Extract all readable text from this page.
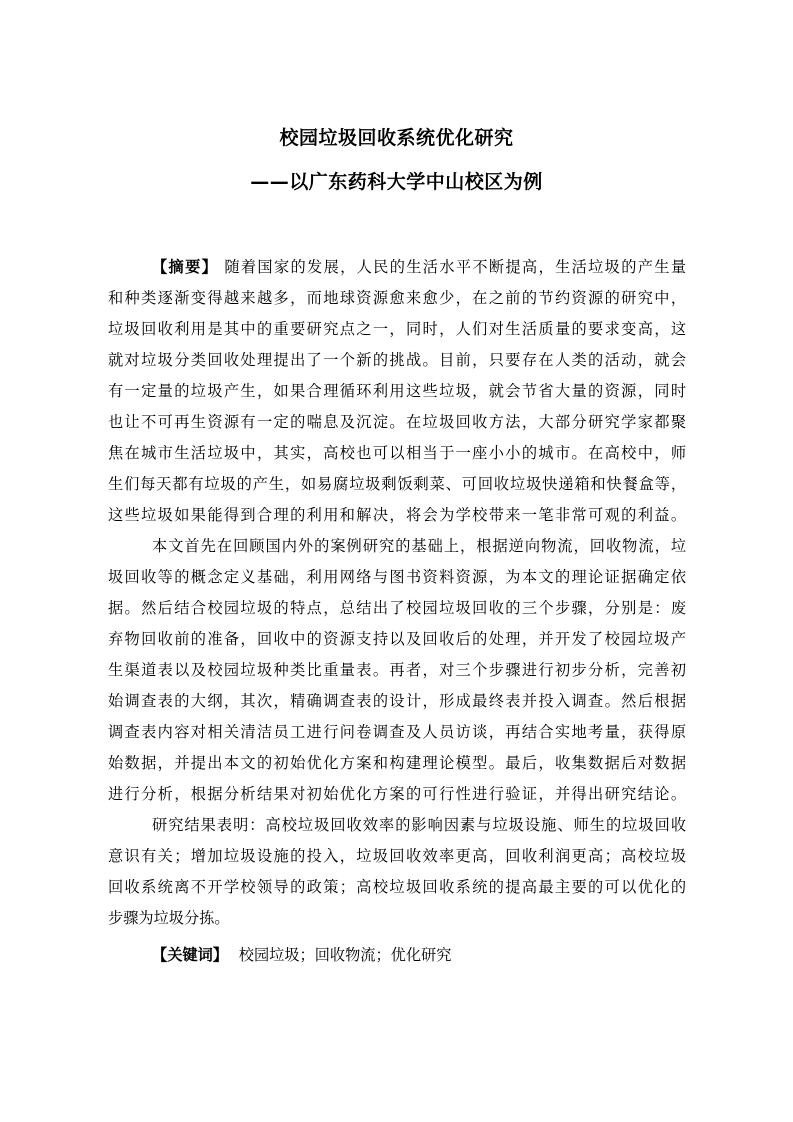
校园垃圾回收系统优化研究
——以广东药科大学中山校区为例
【摘要】 随着国家的发展，人民的生活水平不断提高，生活垃圾的产生量
和种类逐渐变得越来越多，而地球资源愈来愈少，在之前的节约资源的研究中，
垃圾回收利用是其中的重要研究点之一，同时，人们对生活质量的要求变高，这
就对垃圾分类回收处理提出了一个新的挑战。目前，只要存在人类的活动，就会
有一定量的垃圾产生，如果合理循环利用这些垃圾，就会节省大量的资源，同时
也让不可再生资源有一定的喘息及沉淀。在垃圾回收方法，大部分研究学家都聚
焦在城市生活垃圾中，其实，高校也可以相当于一座小小的城市。在高校中，师
生们每天都有垃圾的产生，如易腐垃圾剩饭剩菜、可回收垃圾快递箱和快餐盒等，
这些垃圾如果能得到合理的利用和解决，将会为学校带来一笔非常可观的利益。
本文首先在回顾国内外的案例研究的基础上，根据逆向物流，回收物流，垃
圾回收等的概念定义基础，利用网络与图书资料资源，为本文的理论证据确定依
据。然后结合校园垃圾的特点，总结出了校园垃圾回收的三个步骤，分别是：废
弃物回收前的准备，回收中的资源支持以及回收后的处理，并开发了校园垃圾产
生渠道表以及校园垃圾种类比重量表。再者，对三个步骤进行初步分析，完善初
始调查表的大纲，其次，精确调查表的设计，形成最终表并投入调查。然后根据
调查表内容对相关清洁员工进行问卷调查及人员访谈，再结合实地考量，获得原
始数据，并提出本文的初始优化方案和构建理论模型。最后，收集数据后对数据
进行分析，根据分析结果对初始优化方案的可行性进行验证，并得出研究结论。
研究结果表明：高校垃圾回收效率的影响因素与垃圾设施、师生的垃圾回收
意识有关；增加垃圾设施的投入，垃圾回收效率更高，回收利润更高；高校垃圾
回收系统离不开学校领导的政策；高校垃圾回收系统的提高最主要的可以优化的
步骤为垃圾分拣。
【关键词】 校园垃圾；回收物流；优化研究
